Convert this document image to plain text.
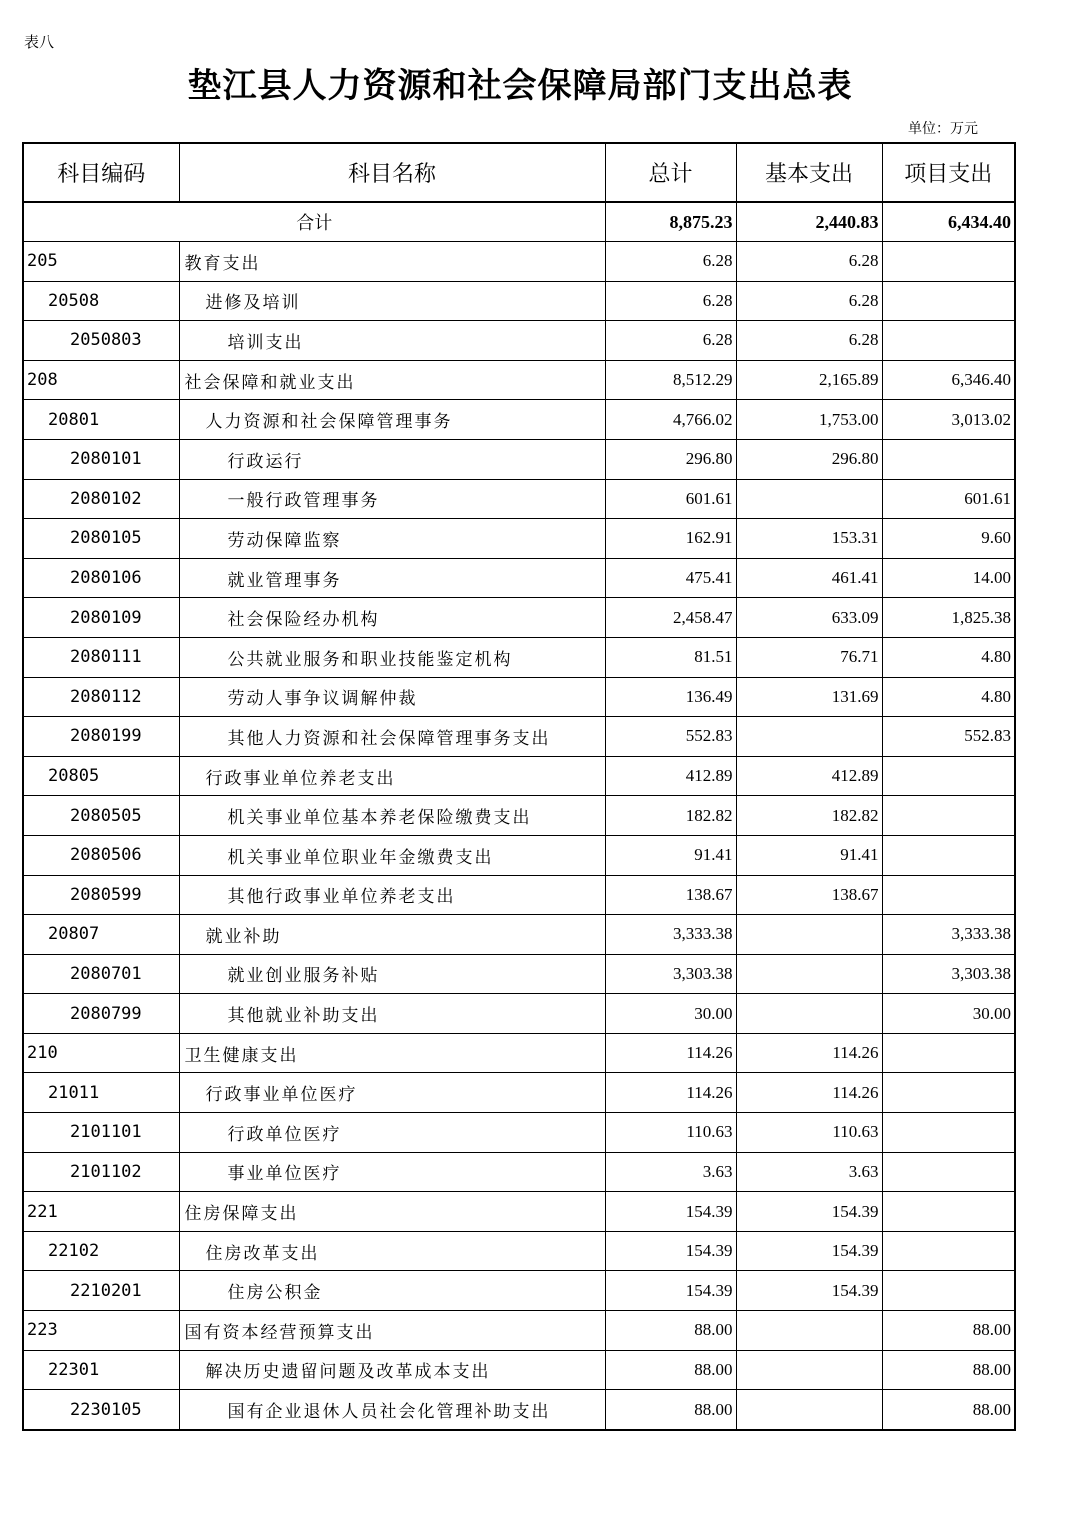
表八
垫江县人力资源和社会保障局部门支出总表
单位：万元
科目编码	科目名称	总计	基本支出	项目支出
合计		8,875.23	2,440.83	6,434.40
205	教育支出	6.28	6.28	
20508	进修及培训	6.28	6.28	
2050803	培训支出	6.28	6.28	
208	社会保障和就业支出	8,512.29	2,165.89	6,346.40
20801	人力资源和社会保障管理事务	4,766.02	1,753.00	3,013.02
2080101	行政运行	296.80	296.80	
2080102	一般行政管理事务	601.61		601.61
2080105	劳动保障监察	162.91	153.31	9.60
2080106	就业管理事务	475.41	461.41	14.00
2080109	社会保险经办机构	2,458.47	633.09	1,825.38
2080111	公共就业服务和职业技能鉴定机构	81.51	76.71	4.80
2080112	劳动人事争议调解仲裁	136.49	131.69	4.80
2080199	其他人力资源和社会保障管理事务支出	552.83		552.83
20805	行政事业单位养老支出	412.89	412.89	
2080505	机关事业单位基本养老保险缴费支出	182.82	182.82	
2080506	机关事业单位职业年金缴费支出	91.41	91.41	
2080599	其他行政事业单位养老支出	138.67	138.67	
20807	就业补助	3,333.38		3,333.38
2080701	就业创业服务补贴	3,303.38		3,303.38
2080799	其他就业补助支出	30.00		30.00
210	卫生健康支出	114.26	114.26	
21011	行政事业单位医疗	114.26	114.26	
2101101	行政单位医疗	110.63	110.63	
2101102	事业单位医疗	3.63	3.63	
221	住房保障支出	154.39	154.39	
22102	住房改革支出	154.39	154.39	
2210201	住房公积金	154.39	154.39	
223	国有资本经营预算支出	88.00		88.00
22301	解决历史遗留问题及改革成本支出	88.00		88.00
2230105	国有企业退休人员社会化管理补助支出	88.00		88.00
